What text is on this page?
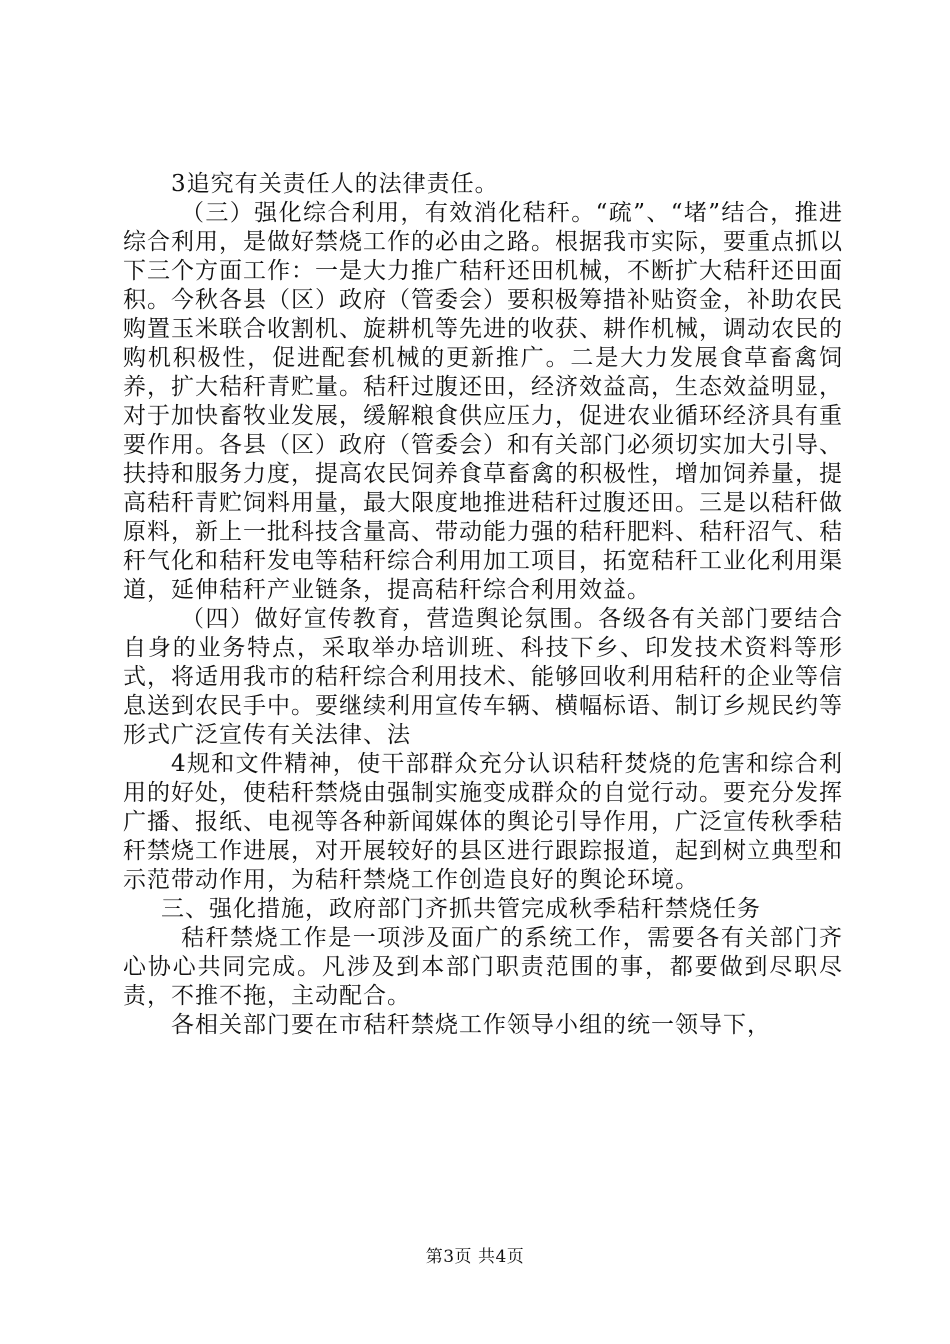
3追究有关责任人的法律责任。

（三）强化综合利用，有效消化秸秆。“疏”、“堵”结合，推进综合利用，是做好禁烧工作的必由之路。根据我市实际，要重点抓以下三个方面工作：一是大力推广秸秆还田机械，不断扩大秸秆还田面积。今秋各县（区）政府（管委会）要积极筹措补贴资金，补助农民购置玉米联合收割机、旋耕机等先进的收获、耕作机械，调动农民的购机积极性，促进配套机械的更新推广。二是大力发展食草畜禽饲养，扩大秸秆青贮量。秸秆过腹还田，经济效益高，生态效益明显，对于加快畜牧业发展，缓解粮食供应压力，促进农业循环经济具有重要作用。各县（区）政府（管委会）和有关部门必须切实加大引导、扶持和服务力度，提高农民饲养食草畜禽的积极性，增加饲养量，提高秸秆青贮饲料用量，最大限度地推进秸秆过腹还田。三是以秸秆做原料，新上一批科技含量高、带动能力强的秸秆肥料、秸秆沼气、秸秆气化和秸秆发电等秸秆综合利用加工项目，拓宽秸秆工业化利用渠道，延伸秸秆产业链条，提高秸秆综合利用效益。

（四）做好宣传教育，营造舆论氛围。各级各有关部门要结合自身的业务特点，采取举办培训班、科技下乡、印发技术资料等形式，将适用我市的秸秆综合利用技术、能够回收利用秸秆的企业等信息送到农民手中。要继续利用宣传车辆、横幅标语、制订乡规民约等形式广泛宣传有关法律、法

4规和文件精神，使干部群众充分认识秸秆焚烧的危害和综合利用的好处，使秸秆禁烧由强制实施变成群众的自觉行动。要充分发挥广播、报纸、电视等各种新闻媒体的舆论引导作用，广泛宣传秋季秸秆禁烧工作进展，对开展较好的县区进行跟踪报道，起到树立典型和示范带动作用，为秸秆禁烧工作创造良好的舆论环境。

三、强化措施，政府部门齐抓共管完成秋季秸秆禁烧任务

秸秆禁烧工作是一项涉及面广的系统工作，需要各有关部门齐心协心共同完成。凡涉及到本部门职责范围的事，都要做到尽职尽责，不推不拖，主动配合。

各相关部门要在市秸秆禁烧工作领导小组的统一领导下，

第3页 共4页
